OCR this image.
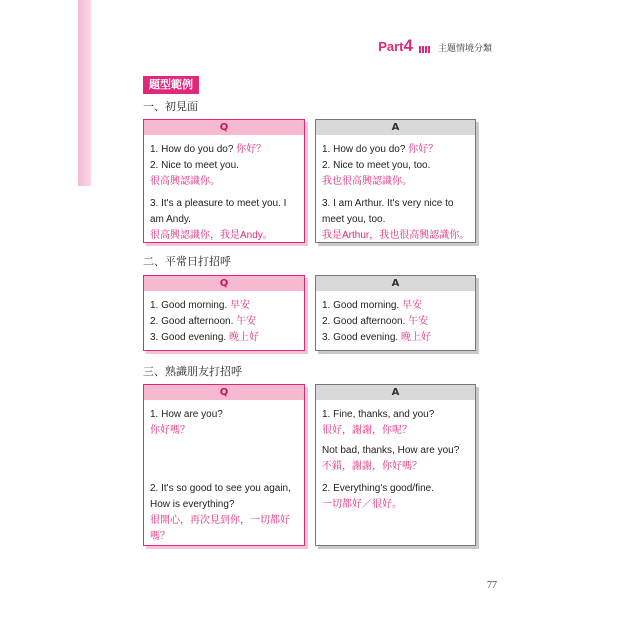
Part4	主題情境分類
題型範例
一、初見面
Q
1. How do you do? 你好？
2. Nice to meet you.
很高興認識你。
3. It's a pleasure to meet you. I
am Andy.
很高興認識你，我是Andy。
A
1. How do you do? 你好？
2. Nice to meet you, too.
我也很高興認識你。
3. I am Arthur. It's very nice to
meet you, too.
我是Arthur，我也很高興認識你。
二、平常日打招呼
Q
1. Good morning. 早安
2. Good afternoon. 午安
3. Good evening. 晚上好
A
1. Good morning. 早安
2. Good afternoon. 午安
3. Good evening. 晚上好
三、熟識朋友打招呼
Q
1. How are you?
你好嗎？
2. It's so good to see you again,
How is everything?
很開心，再次見到你，一切都好
嗎？
A
1. Fine, thanks, and you?
很好，謝謝，你呢？
Not bad, thanks, How are you?
不錯，謝謝，你好嗎？
2. Everything's good/fine.
一切都好／很好。
77
